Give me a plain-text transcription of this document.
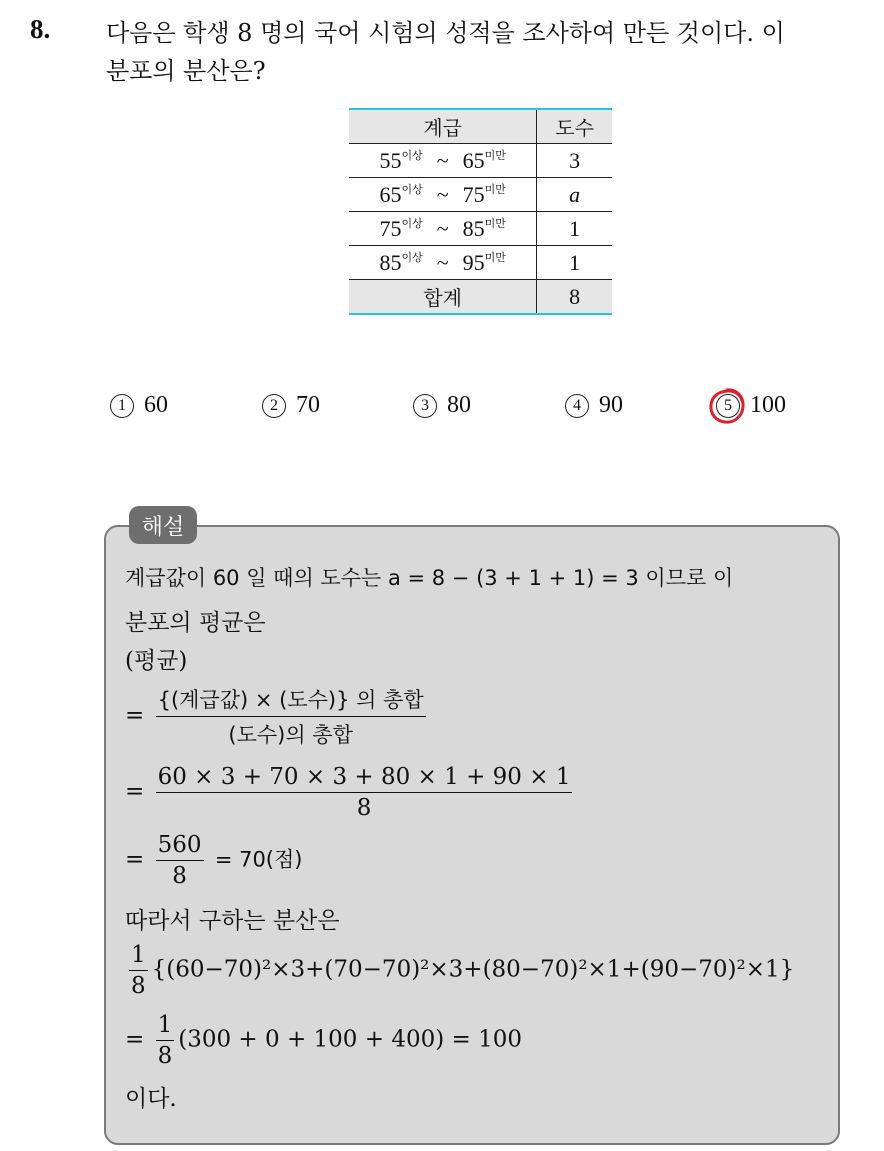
8. 다음은 학생 8 명의 국어 시험의 성적을 조사하여 만든 것이다. 이
분포의 분산은?
계급	도수

$55^{이상}$ ~ $65^{미만}$	3

$65^{이상}$ ~ $75^{미만}$	a

$75^{이상}$ ~ $85^{미만}$	1

$85^{이상}$ ~ $95^{미만}$	1
합계	8
1 60	2 70	3 80	4 90	5 100
해설
계급값이 60 일 때의 도수는 a = 8 − (3 + 1 + 1) = 3 이므로 이
분포의 평균은
(평균)
= $\frac{\text{\{(계급값) × (도수)\} 의 총합}}{\text{(도수)의 총합}}$
= $\frac{60 \times 3 + 70 \times 3 + 80 \times 1 + 90 \times 1}{8}$
= $\frac{560}{8} = 70$(점)
따라서 구하는 분산은
$\frac{1}{8} \{(60-70)^2\times 3+(70-70)^2\times 3+(80-70)^2\times 1+(90-70)^2\times 1\}$
= $\frac{1}{8} (300 + 0 + 100 + 400) = 100$
이다.
